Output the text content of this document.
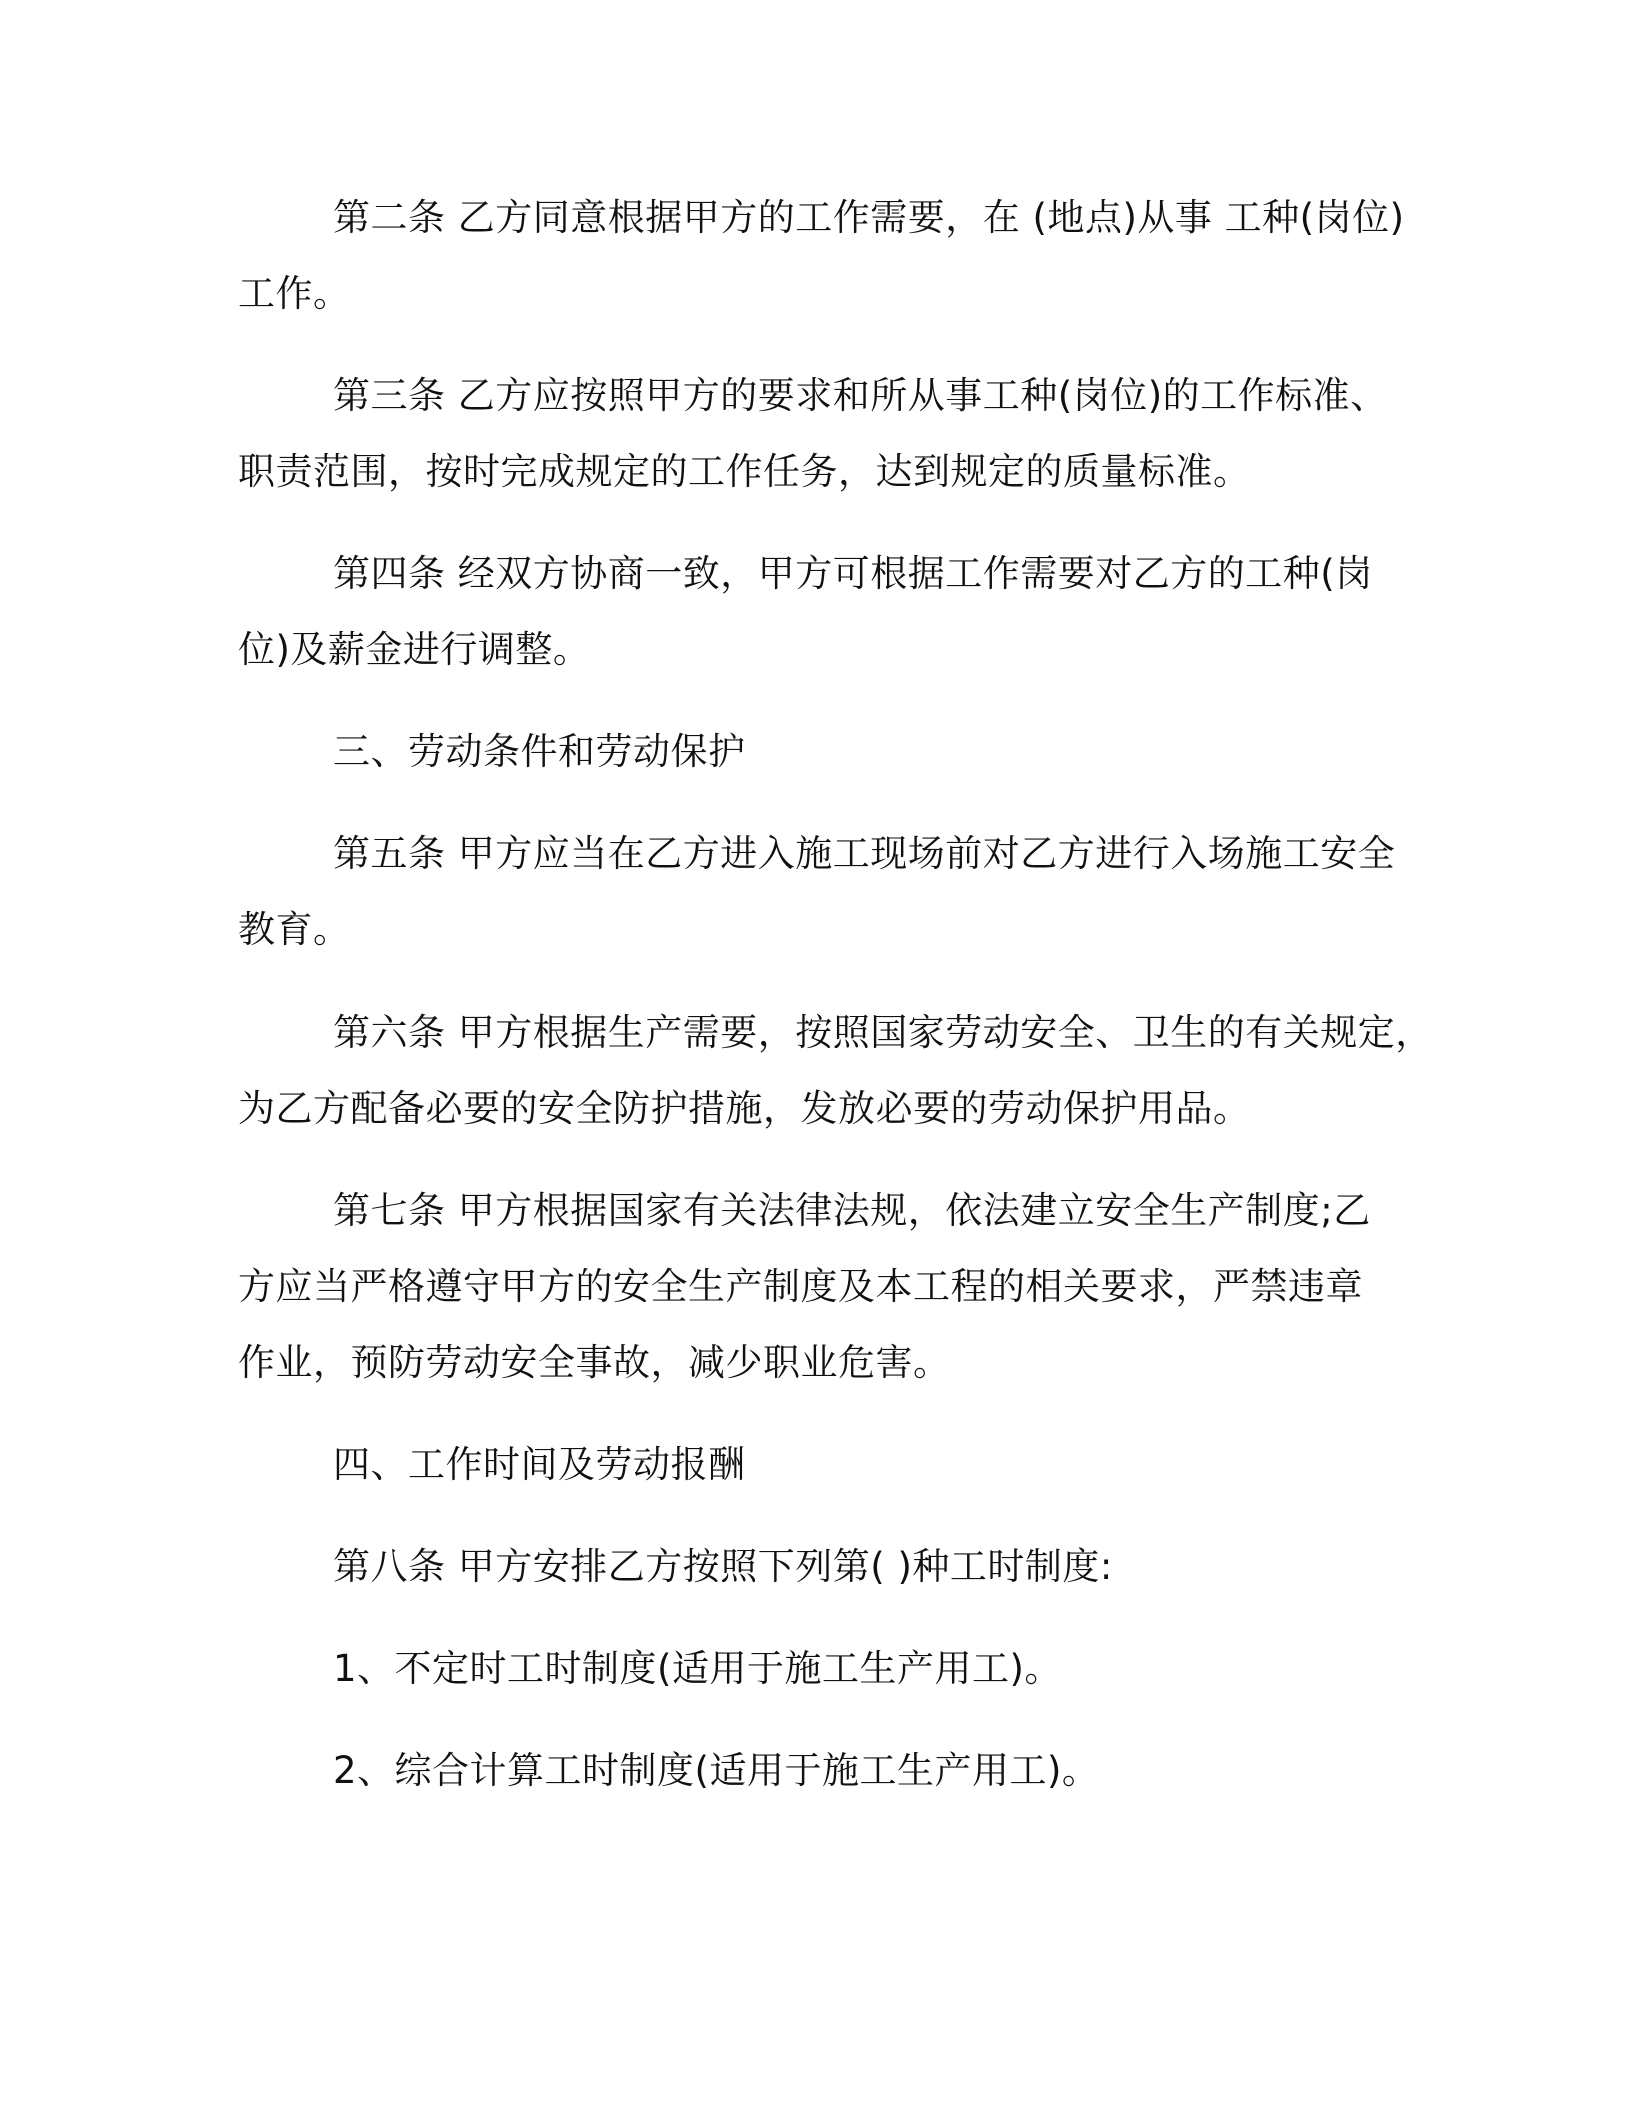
第二条 乙方同意根据甲方的工作需要，在 (地点)从事 工种(岗位)
工作。
第三条 乙方应按照甲方的要求和所从事工种(岗位)的工作标准、
职责范围，按时完成规定的工作任务，达到规定的质量标准。
第四条 经双方协商一致，甲方可根据工作需要对乙方的工种(岗
位)及薪金进行调整。
三、劳动条件和劳动保护
第五条 甲方应当在乙方进入施工现场前对乙方进行入场施工安全
教育。
第六条 甲方根据生产需要，按照国家劳动安全、卫生的有关规定，
为乙方配备必要的安全防护措施，发放必要的劳动保护用品。
第七条 甲方根据国家有关法律法规，依法建立安全生产制度;乙
方应当严格遵守甲方的安全生产制度及本工程的相关要求，严禁违章
作业，预防劳动安全事故，减少职业危害。
四、工作时间及劳动报酬
第八条 甲方安排乙方按照下列第( )种工时制度:
1、不定时工时制度(适用于施工生产用工)。
2、综合计算工时制度(适用于施工生产用工)。
